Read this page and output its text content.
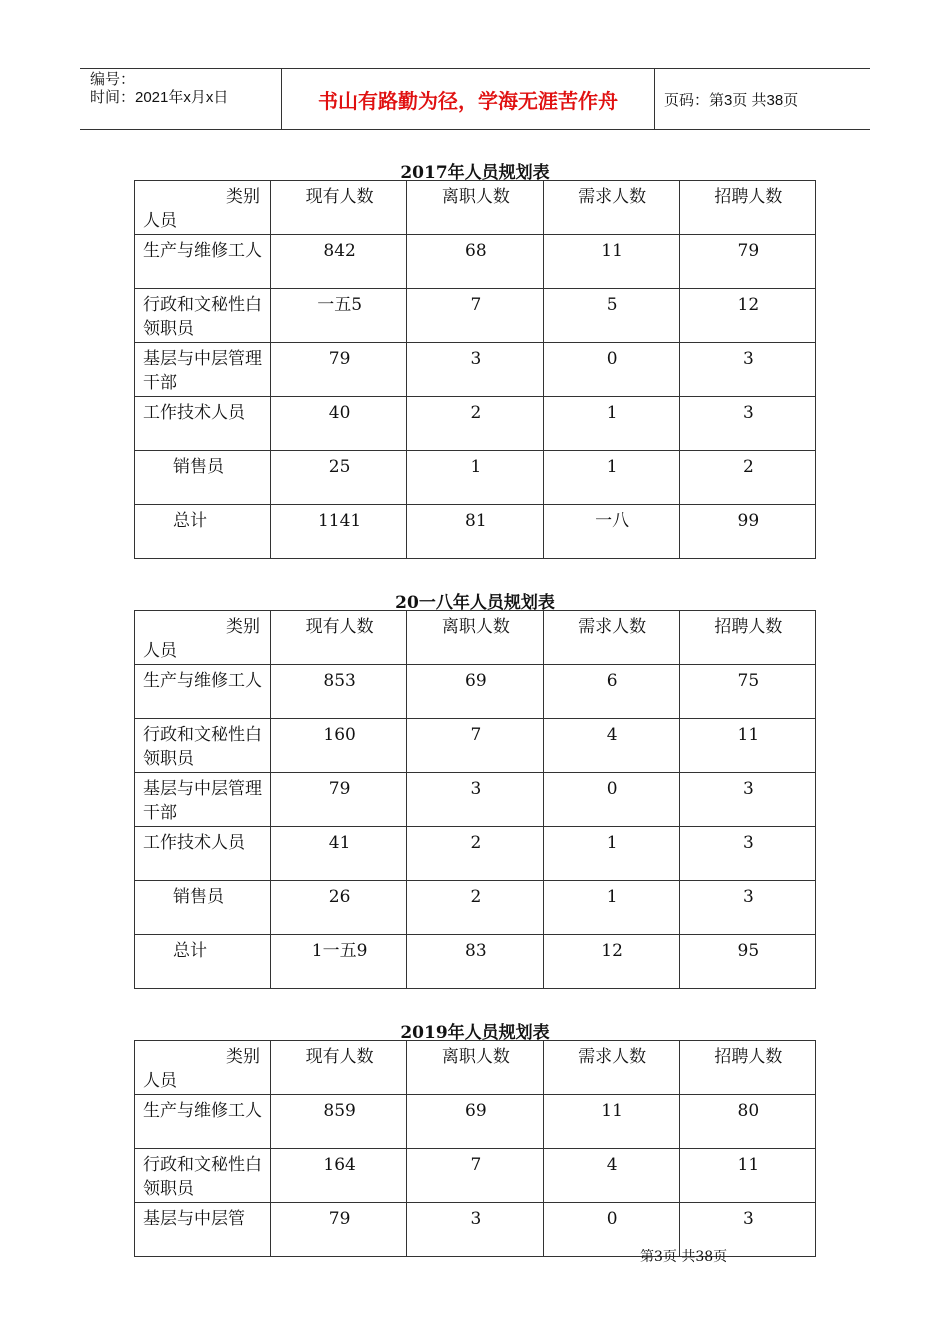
编号：
时间：2021年x月x日	书山有路勤为径，学海无涯苦作舟	页码：第3页 共38页
2017年人员规划表
类别
人员	现有人数	离职人数	需求人数	招聘人数
生产与维修工人	842	68	11	79
行政和文秘性白领职员	一五5	7	5	12
基层与中层管理干部	79	3	0	3
工作技术人员	40	2	1	3
销售员	25	1	1	2
总计	1141	81	一八	99
20一八年人员规划表
类别
人员	现有人数	离职人数	需求人数	招聘人数
生产与维修工人	853	69	6	75
行政和文秘性白领职员	160	7	4	11
基层与中层管理干部	79	3	0	3
工作技术人员	41	2	1	3
销售员	26	2	1	3
总计	1一五9	83	12	95
2019年人员规划表
类别
人员	现有人数	离职人数	需求人数	招聘人数
生产与维修工人	859	69	11	80
行政和文秘性白领职员	164	7	4	11
基层与中层管	79	3	0	3
第3页 共38页
